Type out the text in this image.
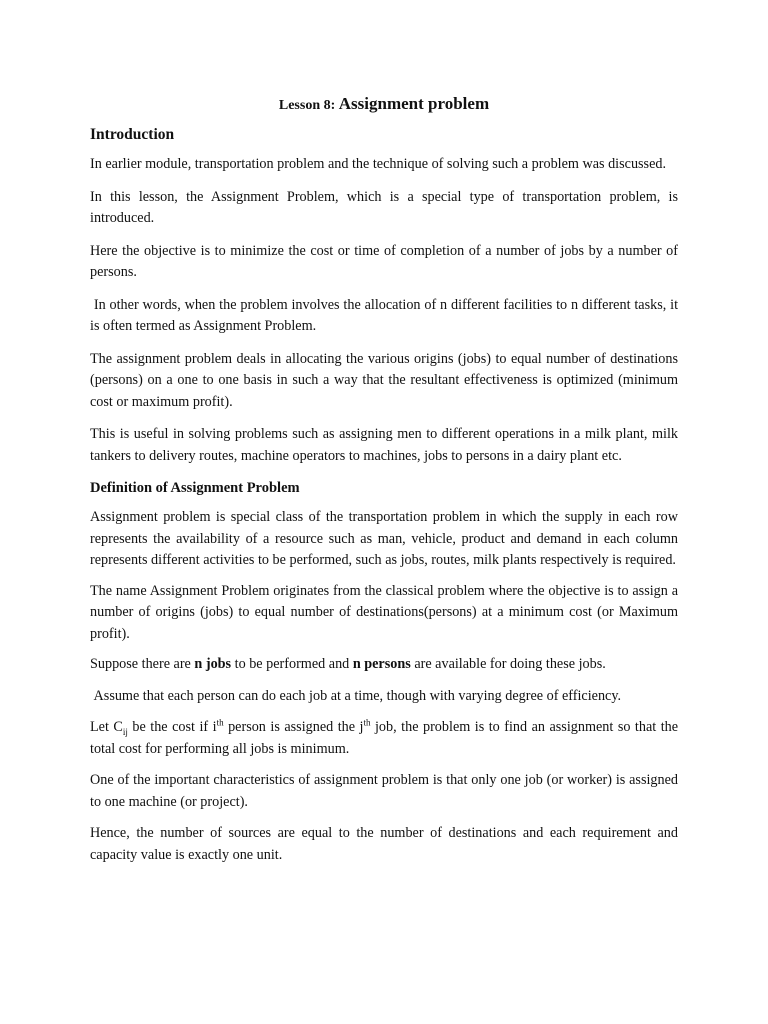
Lesson 8: Assignment problem
Introduction

In earlier module, transportation problem and the technique of solving such a problem was discussed.

In this lesson, the Assignment Problem, which is a special type of transportation problem, is introduced.

Here the objective is to minimize the cost or time of completion of a number of jobs by a number of persons.

In other words, when the problem involves the allocation of n different facilities to n different tasks, it is often termed as Assignment Problem.

The assignment problem deals in allocating the various origins (jobs) to equal number of destinations (persons) on a one to one basis in such a way that the resultant effectiveness is optimized (minimum cost or maximum profit).

This is useful in solving problems such as assigning men to different operations in a milk plant, milk tankers to delivery routes, machine operators to machines, jobs to persons in a dairy plant etc.

Definition of Assignment Problem

Assignment problem is special class of the transportation problem in which the supply in each row represents the availability of a resource such as man, vehicle, product and demand in each column represents different activities to be performed, such as jobs, routes, milk plants respectively is required.

The name Assignment Problem originates from the classical problem where the objective is to assign a number of origins (jobs) to equal number of destinations(persons) at a minimum cost (or Maximum profit).

Suppose there are n jobs to be performed and n persons are available for doing these jobs.

Assume that each person can do each job at a time, though with varying degree of efficiency.

Let $C_{ij}$ be the cost if $i^{th}$ person is assigned the $j^{th}$ job, the problem is to find an assignment so that the total cost for performing all jobs is minimum.

One of the important characteristics of assignment problem is that only one job (or worker) is assigned to one machine (or project).

Hence, the number of sources are equal to the number of destinations and each requirement and capacity value is exactly one unit.
